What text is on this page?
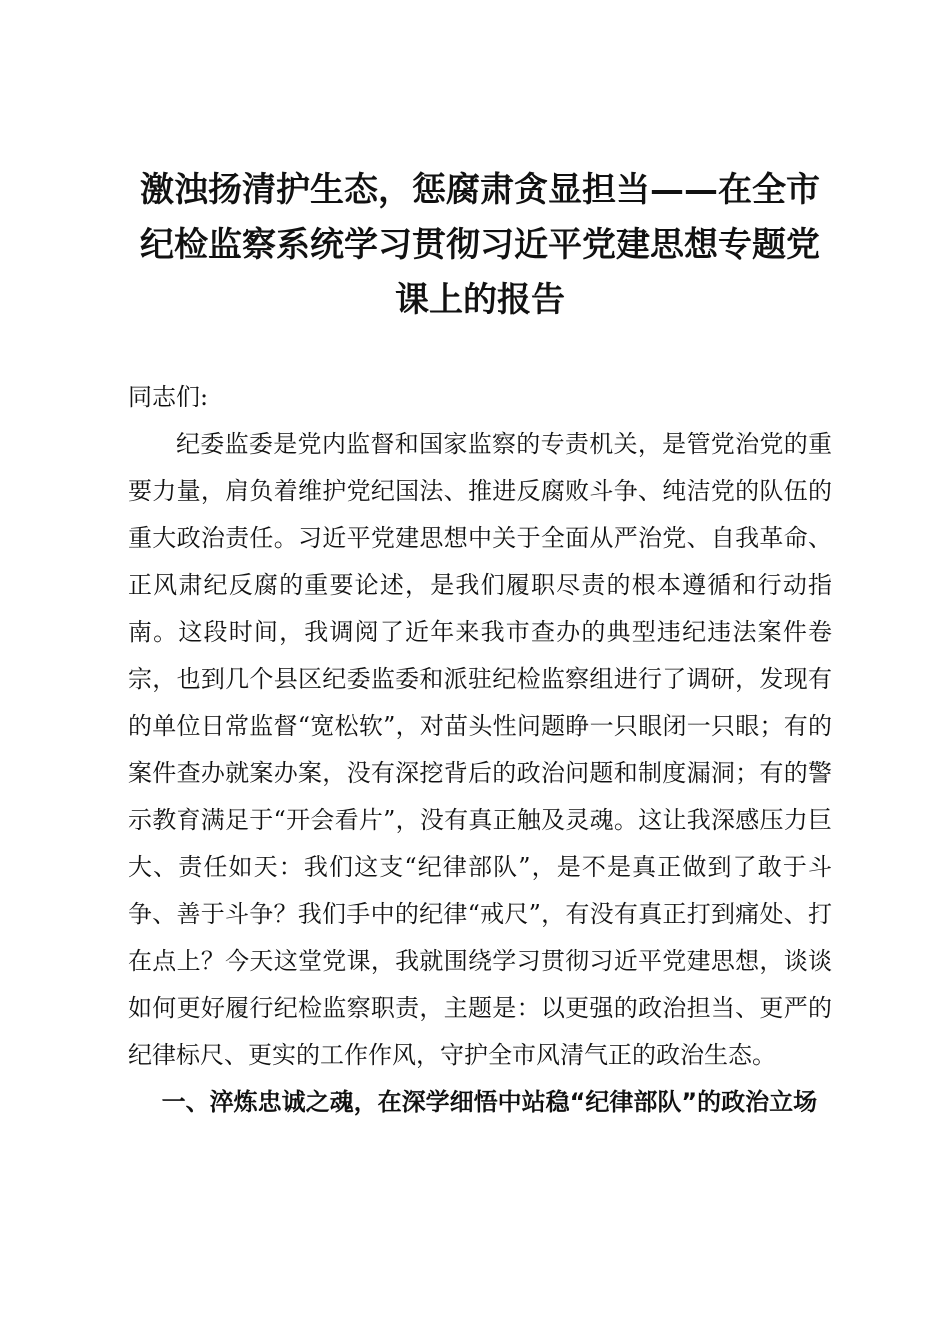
激浊扬清护生态，惩腐肃贪显担当——在全市纪检监察系统学习贯彻习近平党建思想专题党课上的报告

同志们:

纪委监委是党内监督和国家监察的专责机关，是管党治党的重要力量，肩负着维护党纪国法、推进反腐败斗争、纯洁党的队伍的重大政治责任。习近平党建思想中关于全面从严治党、自我革命、正风肃纪反腐的重要论述，是我们履职尽责的根本遵循和行动指南。这段时间，我调阅了近年来我市查办的典型违纪违法案件卷宗，也到几个县区纪委监委和派驻纪检监察组进行了调研，发现有的单位日常监督“宽松软”，对苗头性问题睁一只眼闭一只眼；有的案件查办就案办案，没有深挖背后的政治问题和制度漏洞；有的警示教育满足于“开会看片”，没有真正触及灵魂。这让我深感压力巨大、责任如天：我们这支“纪律部队”，是不是真正做到了敢于斗争、善于斗争？我们手中的纪律“戒尺”，有没有真正打到痛处、打在点上？今天这堂党课，我就围绕学习贯彻习近平党建思想，谈谈如何更好履行纪检监察职责，主题是：以更强的政治担当、更严的纪律标尺、更实的工作作风，守护全市风清气正的政治生态。

一、淬炼忠诚之魂，在深学细悟中站稳“纪律部队”的政治立场
